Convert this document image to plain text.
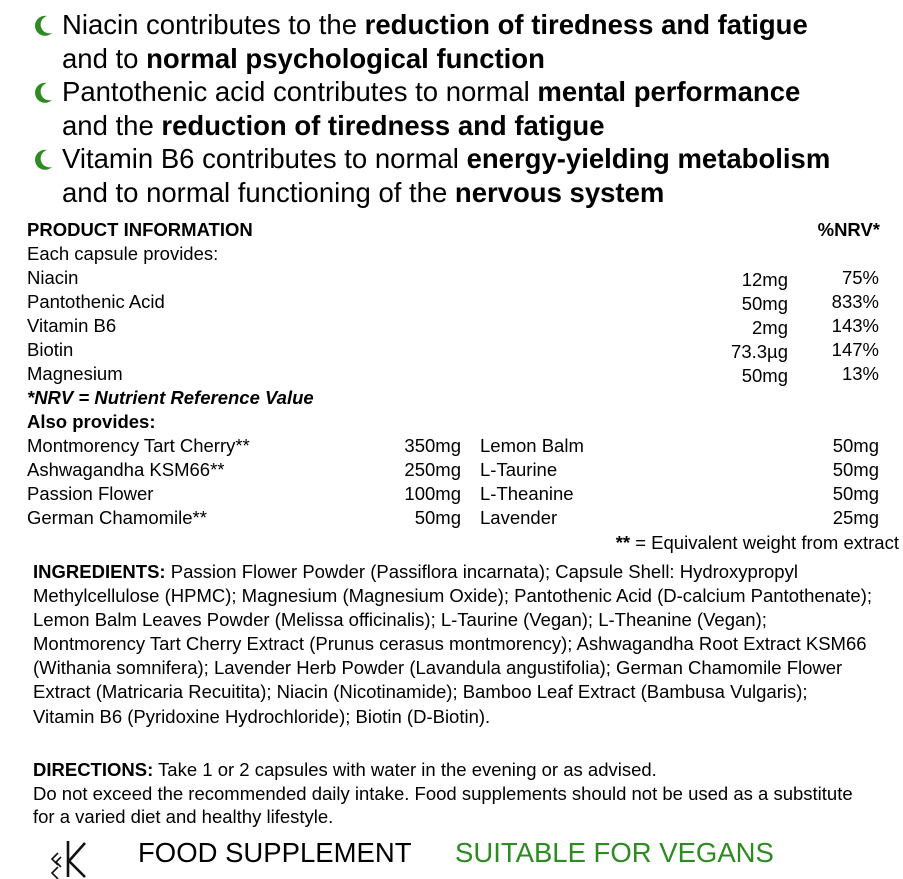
Niacin contributes to the reduction of tiredness and fatigue
and to normal psychological function
Pantothenic acid contributes to normal mental performance
and the reduction of tiredness and fatigue
Vitamin B6 contributes to normal energy-yielding metabolism
and to normal functioning of the nervous system
PRODUCT INFORMATION	%NRV*
Each capsule provides:
Niacin	12mg	75%
Pantothenic Acid	50mg 833%
Vitamin B6	2mg 143%
Biotin	73.3µg 147%
Magnesium	50mg	13%
*NRV = Nutrient Reference Value
Also provides:
Montmorency Tart Cherry**	350mg Lemon Balm	50mg
Ashwagandha KSM66**	250mg L-Taurine	50mg
Passion Flower	100mg L-Theanine	50mg
German Chamomile**	50mg Lavender	25mg
** = Equivalent weight from extract
INGREDIENTS: Passion Flower Powder (Passiflora incarnata); Capsule Shell: Hydroxypropyl Methylcellulose (HPMC); Magnesium (Magnesium Oxide); Pantothenic Acid (D-calcium Pantothenate); Lemon Balm Leaves Powder (Melissa officinalis); L-Taurine (Vegan); L-Theanine (Vegan); Montmorency Tart Cherry Extract (Prunus cerasus montmorency); Ashwagandha Root Extract KSM66 (Withania somnifera); Lavender Herb Powder (Lavandula angustifolia); German Chamomile Flower Extract (Matricaria Recuitita); Niacin (Nicotinamide); Bamboo Leaf Extract (Bambusa Vulgaris); Vitamin B6 (Pyridoxine Hydrochloride); Biotin (D-Biotin).
DIRECTIONS: Take 1 or 2 capsules with water in the evening or as advised.
Do not exceed the recommended daily intake. Food supplements should not be used as a substitute for a varied diet and healthy lifestyle.
FOOD SUPPLEMENT SUITABLE FOR VEGANS
